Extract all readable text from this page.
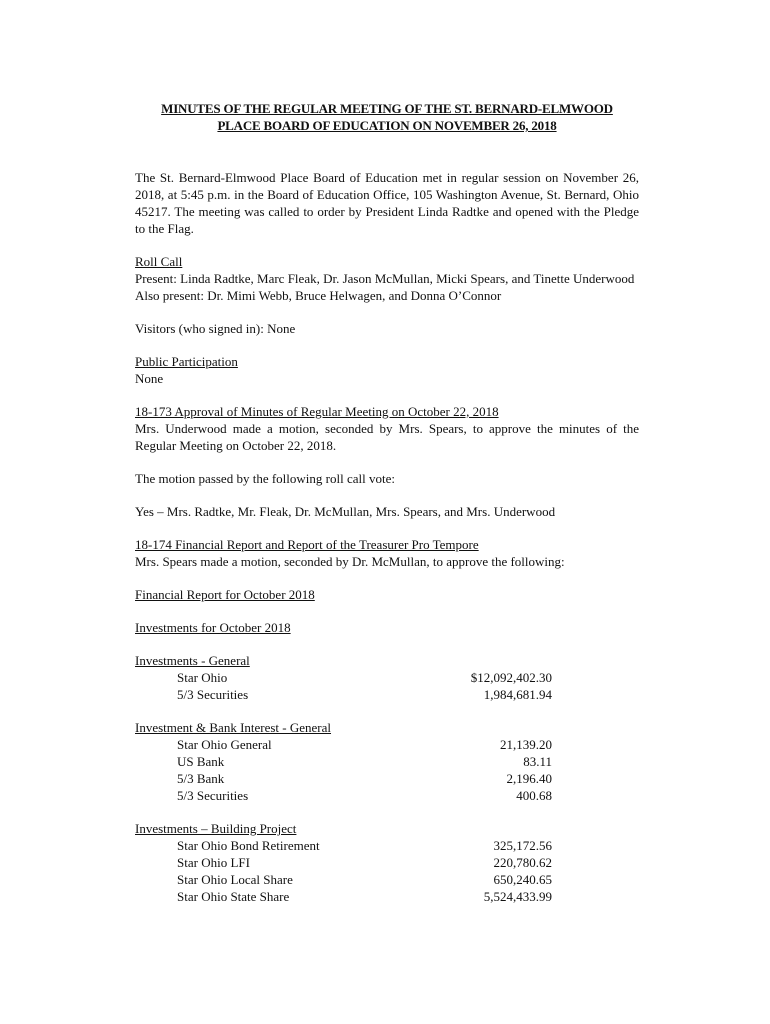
MINUTES OF THE REGULAR MEETING OF THE ST. BERNARD-ELMWOOD
PLACE BOARD OF EDUCATION ON NOVEMBER 26, 2018

The St. Bernard-Elmwood Place Board of Education met in regular session on November 26, 2018, at 5:45 p.m. in the Board of Education Office, 105 Washington Avenue, St. Bernard, Ohio 45217. The meeting was called to order by President Linda Radtke and opened with the Pledge to the Flag.

Roll Call

Present: Linda Radtke, Marc Fleak, Dr. Jason McMullan, Micki Spears, and Tinette Underwood

Also present: Dr. Mimi Webb, Bruce Helwagen, and Donna O’Connor

Visitors (who signed in): None

Public Participation

None

18-173 Approval of Minutes of Regular Meeting on October 22, 2018

Mrs. Underwood made a motion, seconded by Mrs. Spears, to approve the minutes of the Regular Meeting on October 22, 2018.

The motion passed by the following roll call vote:

Yes – Mrs. Radtke, Mr. Fleak, Dr. McMullan, Mrs. Spears, and Mrs. Underwood

18-174 Financial Report and Report of the Treasurer Pro Tempore

Mrs. Spears made a motion, seconded by Dr. McMullan, to approve the following:

Financial Report for October 2018

Investments for October 2018

Investments - General

Star Ohio	$12,092,402.30
5/3 Securities	1,984,681.94

Investment & Bank Interest - General

Star Ohio General	21,139.20
US Bank	83.11
5/3 Bank	2,196.40
5/3 Securities	400.68

Investments – Building Project

Star Ohio Bond Retirement	325,172.56
Star Ohio LFI	220,780.62
Star Ohio Local Share	650,240.65
Star Ohio State Share	5,524,433.99
